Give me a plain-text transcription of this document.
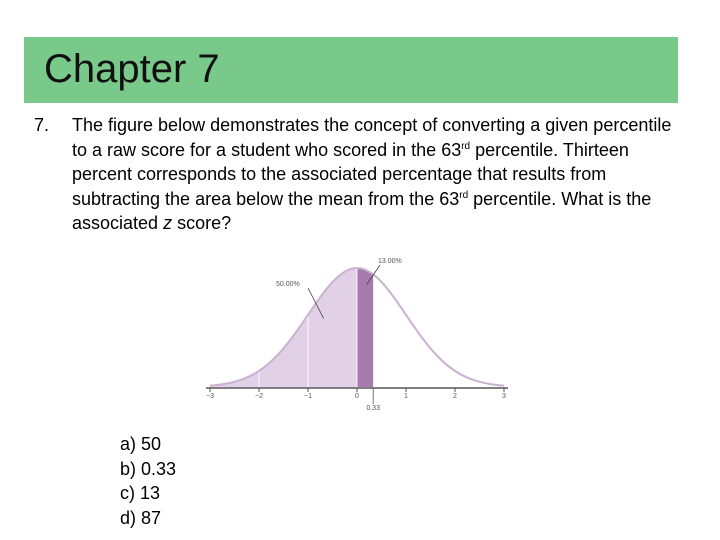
Chapter 7
7. The figure below demonstrates the concept of converting a given percentile to a raw score for a student who scored in the 63rd percentile. Thirteen percent corresponds to the associated percentage that results from subtracting the area below the mean from the 63rd percentile. What is the associated z score?
−3	−2	−1	0	1	2	3
0.33
50.00%
13.00%
a) 50
b) 0.33
c) 13
d) 87
